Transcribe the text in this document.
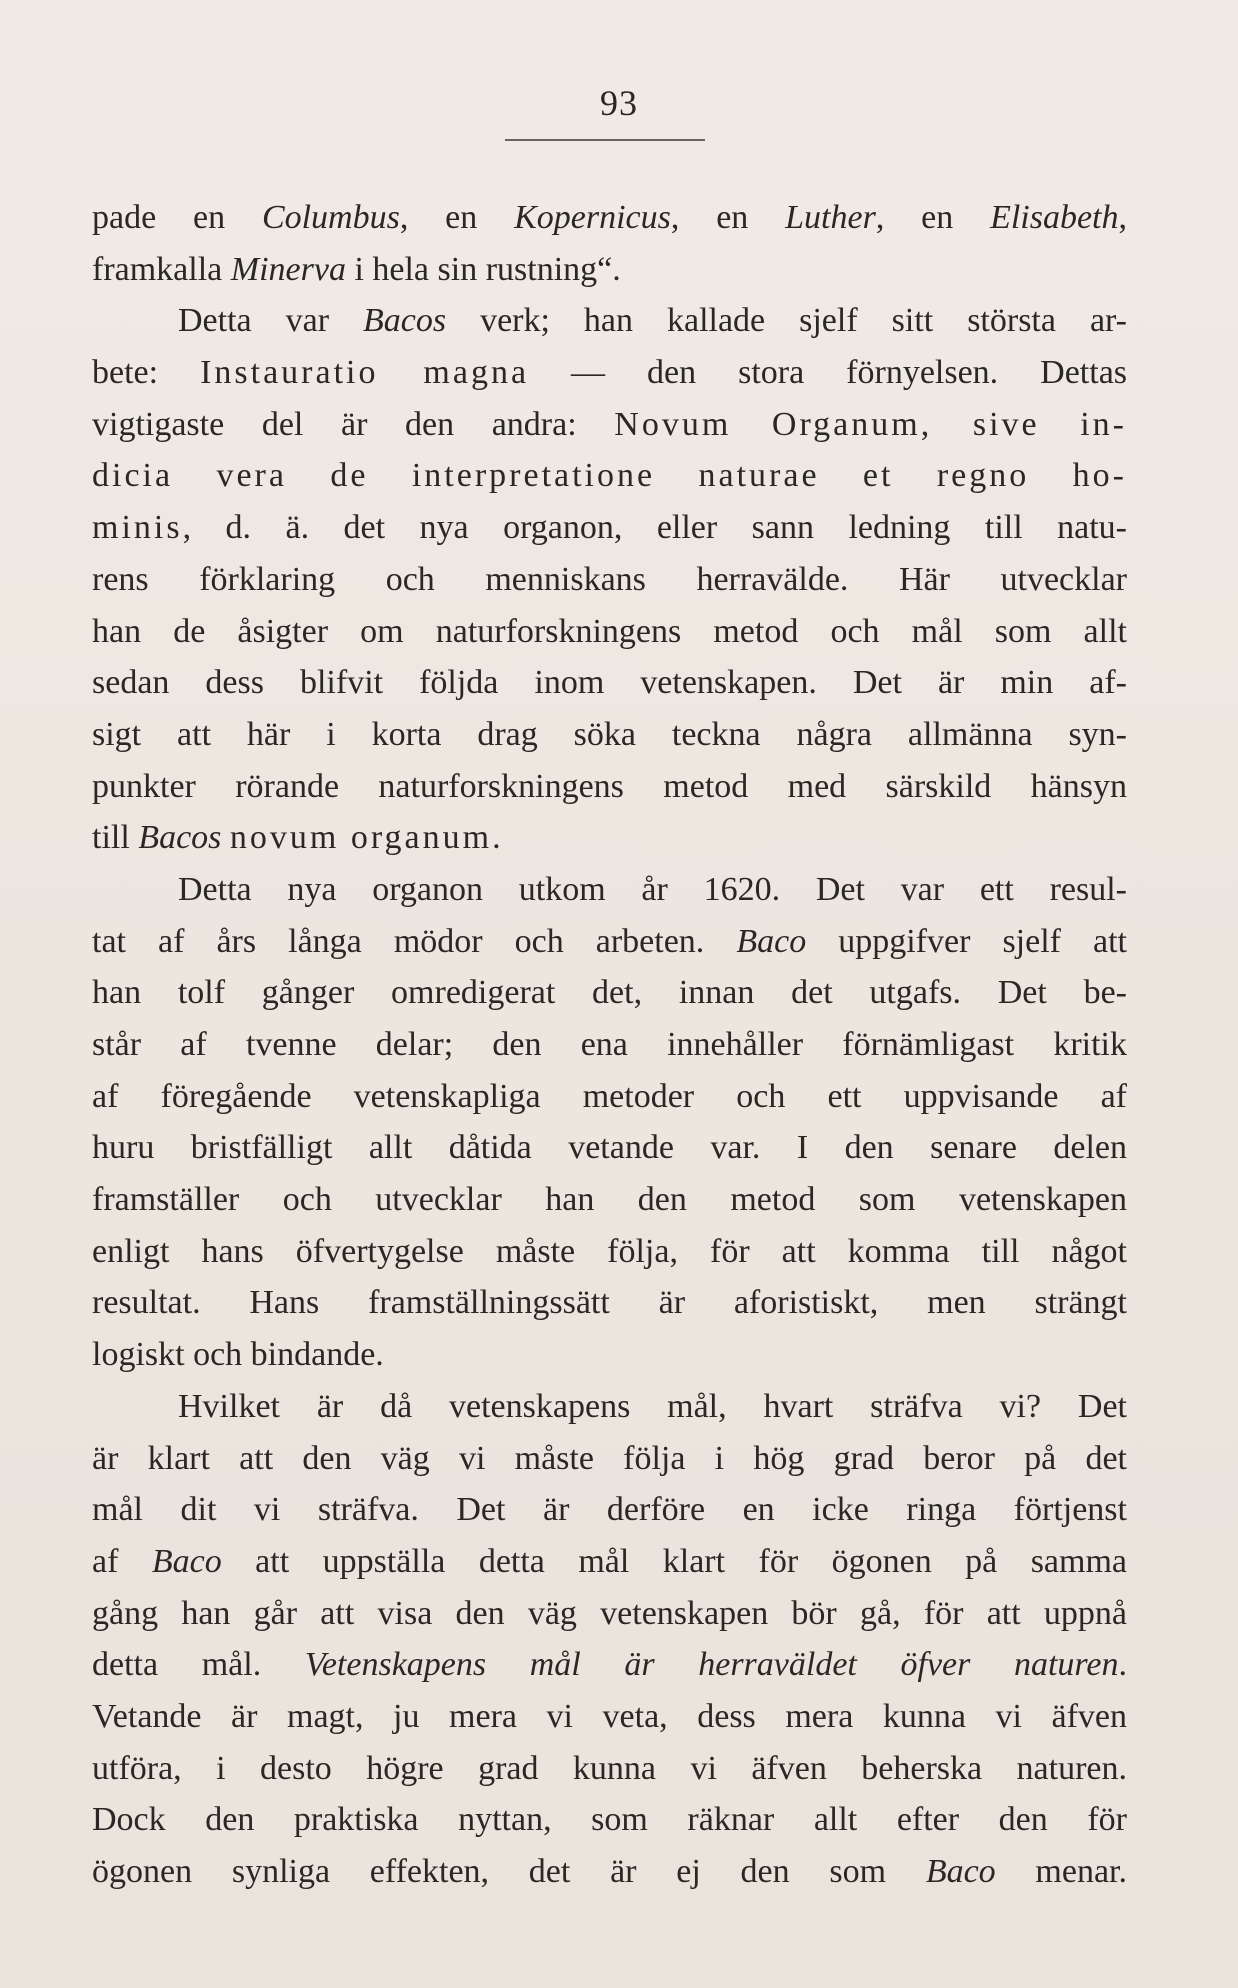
93
pade en Columbus, en Kopernicus, en Luther, en Elisabeth,
framkalla Minerva i hela sin rustning“.
Detta var Bacos verk; han kallade sjelf sitt största ar-
bete: Instauratio magna — den stora förnyelsen. Dettas
vigtigaste del är den andra: Novum Organum, sive in-
dicia vera de interpretatione naturae et regno ho-
minis, d. ä. det nya organon, eller sann ledning till natu-
rens förklaring och menniskans herravälde. Här utvecklar
han de åsigter om naturforskningens metod och mål som allt
sedan dess blifvit följda inom vetenskapen. Det är min af-
sigt att här i korta drag söka teckna några allmänna syn-
punkter rörande naturforskningens metod med särskild hänsyn
till Bacos novum organum.
Detta nya organon utkom år 1620. Det var ett resul-
tat af års långa mödor och arbeten. Baco uppgifver sjelf att
han tolf gånger omredigerat det, innan det utgafs. Det be-
står af tvenne delar; den ena innehåller förnämligast kritik
af föregående vetenskapliga metoder och ett uppvisande af
huru bristfälligt allt dåtida vetande var. I den senare delen
framställer och utvecklar han den metod som vetenskapen
enligt hans öfvertygelse måste följa, för att komma till något
resultat. Hans framställningssätt är aforistiskt, men strängt
logiskt och bindande.
Hvilket är då vetenskapens mål, hvart sträfva vi? Det
är klart att den väg vi måste följa i hög grad beror på det
mål dit vi sträfva. Det är derföre en icke ringa förtjenst
af Baco att uppställa detta mål klart för ögonen på samma
gång han går att visa den väg vetenskapen bör gå, för att uppnå
detta mål. Vetenskapens mål är herraväldet öfver naturen.
Vetande är magt, ju mera vi veta, dess mera kunna vi äfven
utföra, i desto högre grad kunna vi äfven beherska naturen.
Dock den praktiska nyttan, som räknar allt efter den för
ögonen synliga effekten, det är ej den som Baco menar.
